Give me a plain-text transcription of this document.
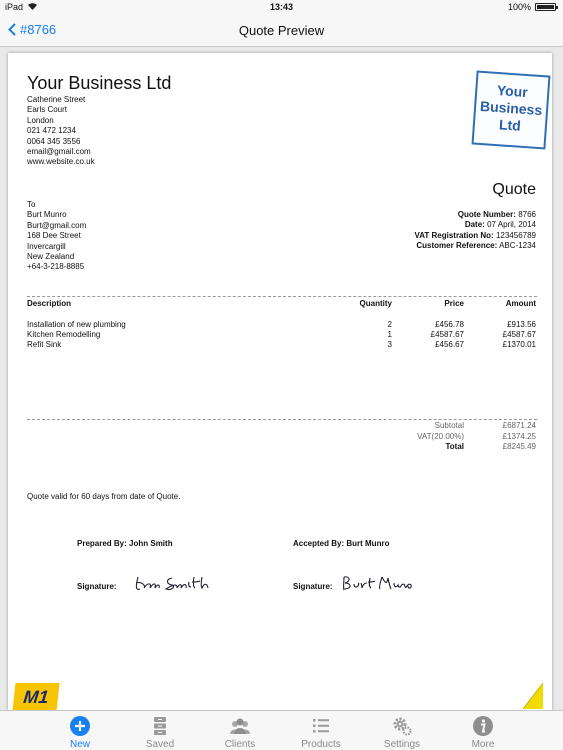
iPad	13:43	100%
#8766	Quote Preview
Your Business Ltd
Catherine Street
Earls Court
London
021 472 1234
0064 345 3556
email@gmail.com
www.website.co.uk
Your
Business
Ltd
Quote
To
Burt Munro
Burt@gmail.com
168 Dee Street
Invercargill
New Zealand
+64-3-218-8885
Quote Number: 8766
Date: 07 April, 2014
VAT Registration No: 123456789
Customer Reference: ABC-1234
Description	Quantity	Price	Amount
Installation of new plumbing	2	£456.78	£913.56
Kitchen Remodelling	1	£4587.67	£4587.67
Refit Sink	3	£456.67	£1370.01
Subtotal	£6871.24
VAT(20.00%)	£1374.25
Total	£8245.49
Quote valid for 60 days from date of Quote.
Prepared By: John Smith	Accepted By: Burt Munro
Signature:	Signature:
M1
New	Saved	Clients	Products	Settings	More
